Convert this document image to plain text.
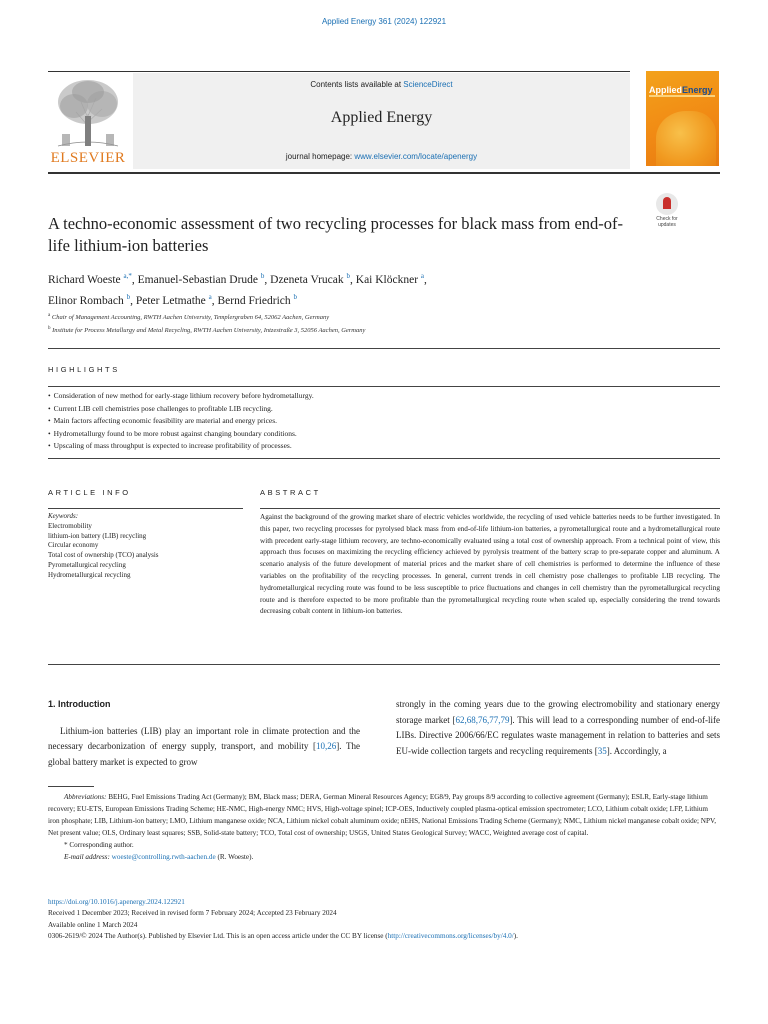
Applied Energy 361 (2024) 122921
ELSEVIER
Contents lists available at ScienceDirect
Applied Energy
journal homepage: www.elsevier.com/locate/apenergy
AppliedEnergy
A techno-economic assessment of two recycling processes for black mass from end-of-life lithium-ion batteries
Check for
updates
Richard Woeste $^{a,*}$, Emanuel-Sebastian Drude $^b$, Dzeneta Vrucak $^b$, Kai Klöckner $^a$,
Elinor Rombach $^b$, Peter Letmathe $^a$, Bernd Friedrich $^b$
$^a$ Chair of Management Accounting, RWTH Aachen University, Templergraben 64, 52062 Aachen, Germany
$^b$ Institute for Process Metallurgy and Metal Recycling, RWTH Aachen University, Intzestraße 3, 52056 Aachen, Germany
HIGHLIGHTS
• Consideration of new method for early-stage lithium recovery before hydrometallurgy.
• Current LIB cell chemistries pose challenges to profitable LIB recycling.
• Main factors affecting economic feasibility are material and energy prices.
• Hydrometallurgy found to be more robust against changing boundary conditions.
• Upscaling of mass throughput is expected to increase profitability of processes.
ARTICLE INFO	ABSTRACT
Keywords:
Electromobility
lithium-ion battery (LIB) recycling
Circular economy
Total cost of ownership (TCO) analysis
Pyrometallurgical recycling
Hydrometallurgical recycling
Against the background of the growing market share of electric vehicles worldwide, the recycling of used vehicle batteries needs to be further investigated. In this paper, two recycling processes for pyrolysed black mass from end-of-life lithium-ion batteries, a pyrometallurgical route and a hydrometallurgical route with precedent early-stage lithium recovery, are techno-economically evaluated using a total cost of ownership approach. From a technical point of view, this approach thus focuses on maximizing the recycling efficiency achieved by pyrolysis treatment of the battery scrap to pre-separate copper and aluminum. A scenario analysis of the future development of material prices and the market share of cell chemistries is performed to determine the influence of these variables on the profitability of the recycling processes. In general, current trends in cell chemistry pose challenges to profitable LIB recycling. The hydrometallurgical recycling route was found to be less susceptible to price fluctuations and changes in cell chemistry than the pyrometallurgical recycling route and is therefore expected to be more profitable than the pyrometallurgical recycling route when scaled up, especially considering the trend towards decreasing cobalt content in lithium-ion batteries.
1. Introduction

Lithium-ion batteries (LIB) play an important role in climate protection and the necessary decarbonization of energy supply, transport, and mobility [10,26]. The global battery market is expected to grow

strongly in the coming years due to the growing electromobility and stationary energy storage market [62,68,76,77,79]. This will lead to a corresponding number of end-of-life LIBs. Directive 2006/66/EC regulates waste management in relation to batteries and sets EU-wide collection targets and recycling requirements [35]. Accordingly, a

Abbreviations: BEHG, Fuel Emissions Trading Act (Germany); BM, Black mass; DERA, German Mineral Resources Agency; EG8/9, Pay groups 8/9 according to collective agreement (Germany); ESLR, Early-stage lithium recovery; EU-ETS, European Emissions Trading Scheme; HE-NMC, High-energy NMC; HVS, High-voltage spinel; ICP-OES, Inductively coupled plasma-optical emission spectrometer; LCO, Lithium cobalt oxide; LFP, Lithium iron phosphate; LIB, Lithium-ion battery; LMO, Lithium manganese oxide; NCA, Lithium nickel cobalt aluminum oxide; nEHS, National Emissions Trading Scheme (Germany); NMC, Lithium nickel manganese cobalt oxide; NPV, Net present value; OLS, Ordinary least squares; SSB, Solid-state battery; TCO, Total cost of ownership; USGS, United States Geological Survey; WACC, Weighted average cost of capital.
* Corresponding author.
E-mail address: woeste@controlling.rwth-aachen.de (R. Woeste).
https://doi.org/10.1016/j.apenergy.2024.122921
Received 1 December 2023; Received in revised form 7 February 2024; Accepted 23 February 2024
Available online 1 March 2024
0306-2619/© 2024 The Author(s). Published by Elsevier Ltd. This is an open access article under the CC BY license (http://creativecommons.org/licenses/by/4.0/).
